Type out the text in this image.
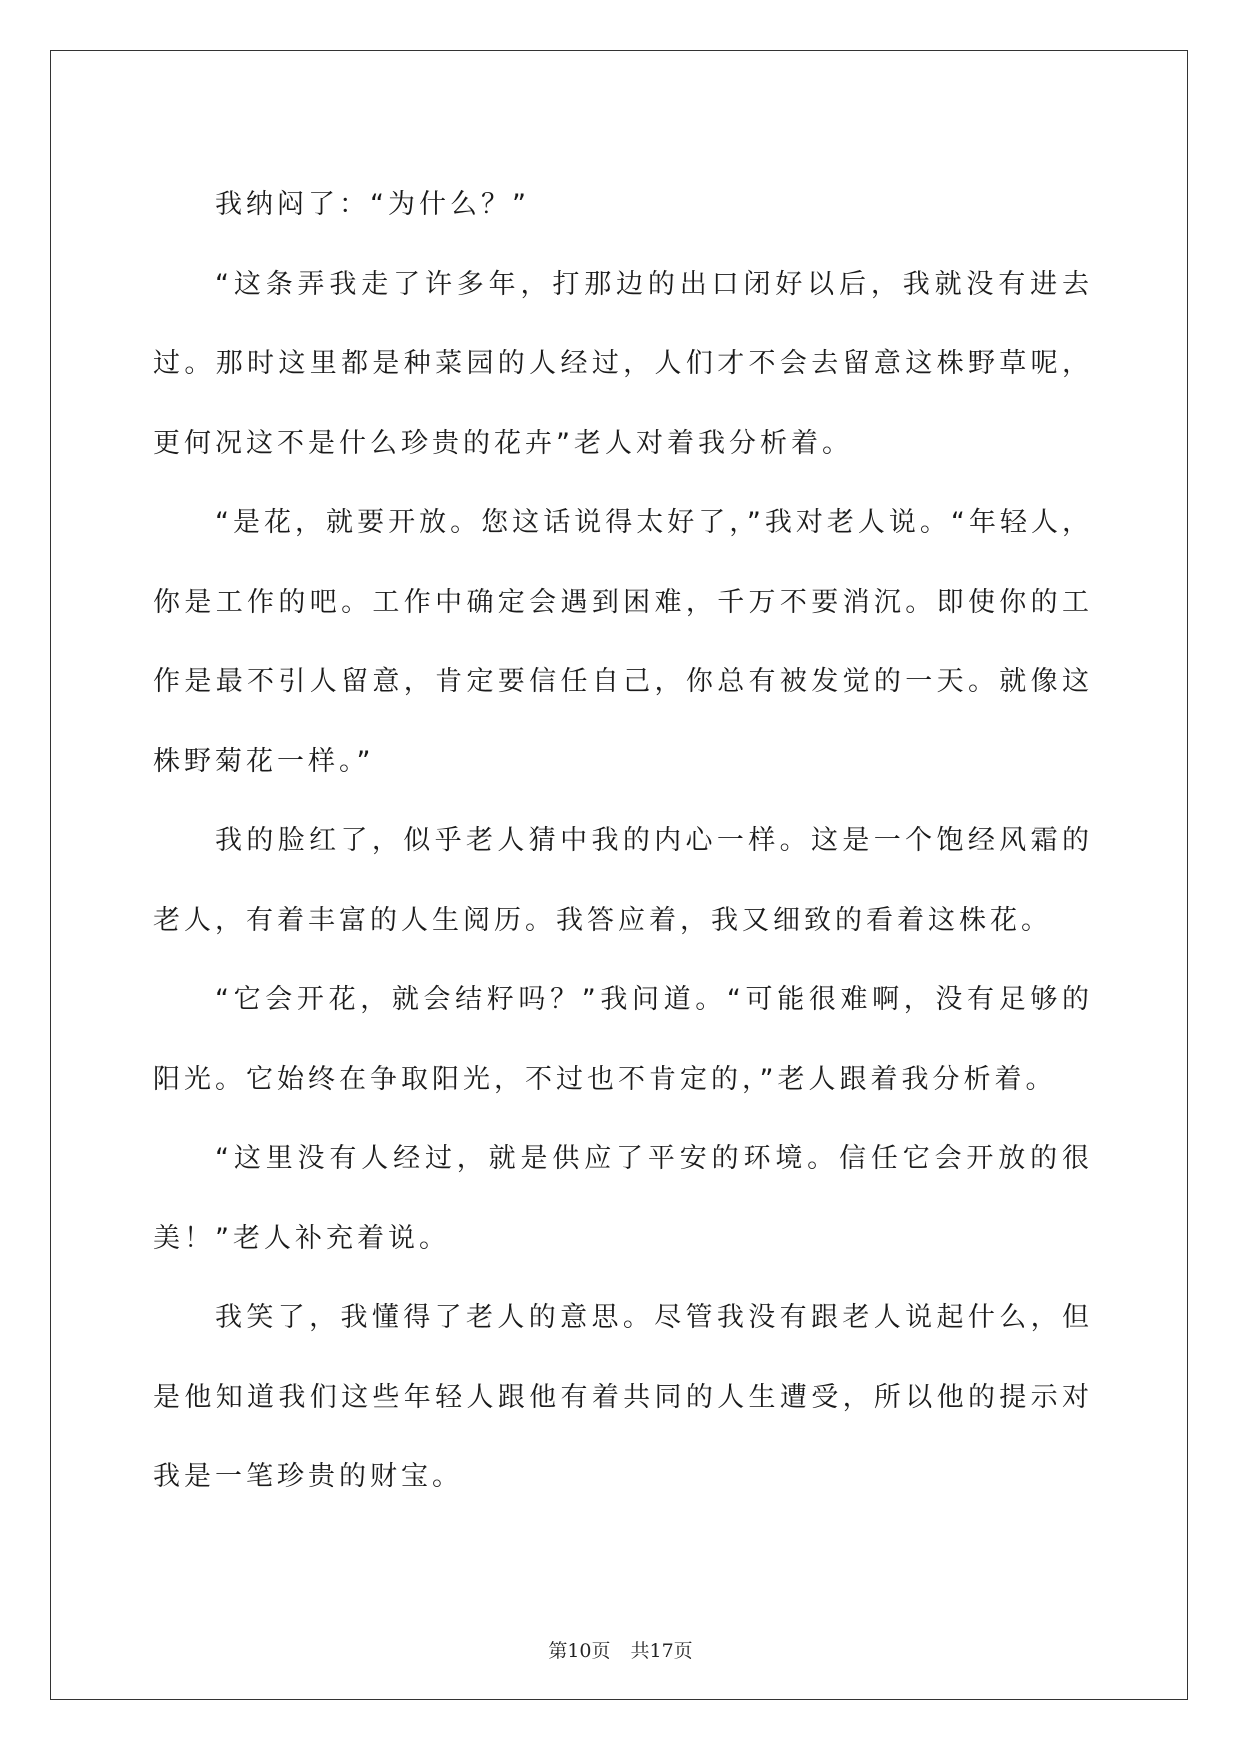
我纳闷了：“为什么？”

“这条弄我走了许多年，打那边的出口闭好以后，我就没有进去过。那时这里都是种菜园的人经过，人们才不会去留意这株野草呢，更何况这不是什么珍贵的花卉”老人对着我分析着。

“是花，就要开放。您这话说得太好了，”我对老人说。“年轻人，你是工作的吧。工作中确定会遇到困难，千万不要消沉。即使你的工作是最不引人留意，肯定要信任自己，你总有被发觉的一天。就像这株野菊花一样。”

我的脸红了，似乎老人猜中我的内心一样。这是一个饱经风霜的老人，有着丰富的人生阅历。我答应着，我又细致的看着这株花。

“它会开花，就会结籽吗？”我问道。“可能很难啊，没有足够的阳光。它始终在争取阳光，不过也不肯定的，”老人跟着我分析着。

“这里没有人经过，就是供应了平安的环境。信任它会开放的很美！”老人补充着说。

我笑了，我懂得了老人的意思。尽管我没有跟老人说起什么，但是他知道我们这些年轻人跟他有着共同的人生遭受，所以他的提示对我是一笔珍贵的财宝。

第10页 共17页
